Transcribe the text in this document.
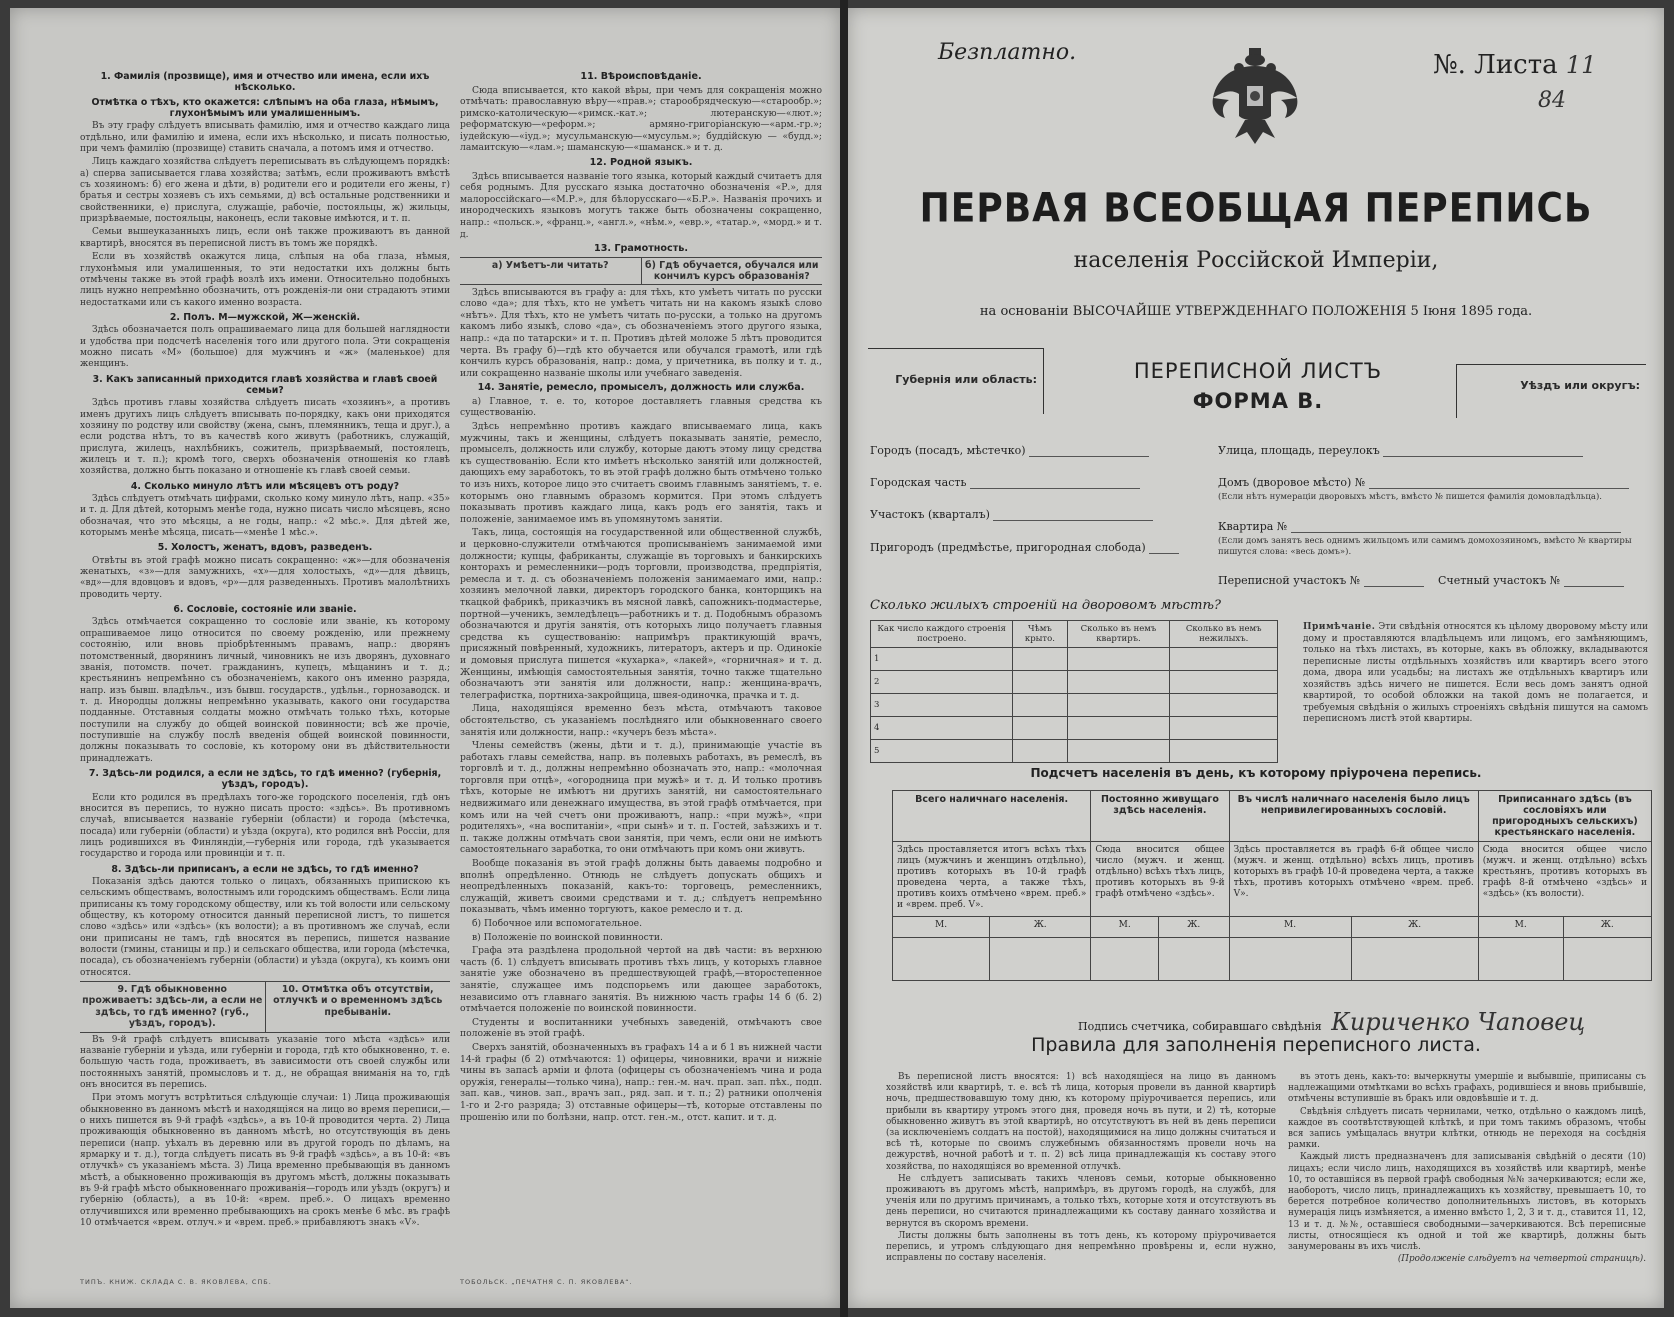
1. Фамилія (прозвище), имя и отчество или имена, если ихъ нѣсколько.
Отмѣтка о тѣхъ, кто окажется: слѣпымъ на оба глаза, нѣмымъ, глухонѣмымъ или умалишеннымъ.

Въ эту графу слѣдуетъ вписывать фамилію, имя и отчество каждаго лица отдѣльно, или фамилію и имена, если ихъ нѣсколько, и писать полностью, при чемъ фамилію (прозвище) ставить сначала, а потомъ имя и отчество.

Лицъ каждаго хозяйства слѣдуетъ переписывать въ слѣдующемъ порядкѣ: а) сперва записывается глава хозяйства; затѣмъ, если проживаютъ вмѣстѣ съ хозяиномъ: б) его жена и дѣти, в) родители его и родители его жены, г) братья и сестры хозяевъ съ ихъ семьями, д) всѣ остальные родственники и свойственники, е) прислуга, служащіе, рабочіе, постояльцы, ж) жильцы, призрѣваемые, постояльцы, наконецъ, если таковые имѣются, и т. п.

Семьи вышеуказанныхъ лицъ, если онѣ также проживаютъ въ данной квартирѣ, вносятся въ переписной листъ въ томъ же порядкѣ.

Если въ хозяйствѣ окажутся лица, слѣпыя на оба глаза, нѣмыя, глухонѣмыя или умалишенныя, то эти недостатки ихъ должны быть отмѣчены также въ этой графѣ возлѣ ихъ имени. Относительно подобныхъ лицъ нужно непремѣнно обозначить, отъ рожденія-ли они страдаютъ этими недостатками или съ какого именно возраста.

2. Полъ. М—мужской, Ж—женскій.

Здѣсь обозначается полъ опрашиваемаго лица для большей наглядности и удобства при подсчетѣ населенія того или другого пола. Эти сокращенія можно писать «М» (большое) для мужчинъ и «ж» (маленькое) для женщинъ.

3. Какъ записанный приходится главѣ хозяйства и главѣ своей семьи?

Здѣсь противъ главы хозяйства слѣдуетъ писать «хозяинъ», а противъ именъ другихъ лицъ слѣдуетъ вписывать по-порядку, какъ они приходятся хозяину по родству или свойству (жена, сынъ, племянникъ, теща и друг.), а если родства нѣтъ, то въ качествѣ кого живутъ (работникъ, служащій, прислуга, жилецъ, нахлѣбникъ, сожитель, призрѣваемый, постоялецъ, жилецъ и т. п.); кромѣ того, сверхъ обозначенія отношенія ко главѣ хозяйства, должно быть показано и отношеніе къ главѣ своей семьи.

4. Сколько минуло лѣтъ или мѣсяцевъ отъ роду?

Здѣсь слѣдуетъ отмѣчать цифрами, сколько кому минуло лѣтъ, напр. «35» и т. д. Для дѣтей, которымъ менѣе года, нужно писать число мѣсяцевъ, ясно обозначая, что это мѣсяцы, а не годы, напр.: «2 мѣс.». Для дѣтей же, которымъ менѣе мѣсяца, писать—«менѣе 1 мѣс.».

5. Холостъ, женатъ, вдовъ, разведенъ.

Отвѣты въ этой графѣ можно писать сокращенно: «ж»—для обозначенія женатыхъ, «з»—для замужнихъ, «х»—для холостыхъ, «д»—для дѣвицъ, «вд»—для вдовцовъ и вдовъ, «р»—для разведенныхъ. Противъ малолѣтнихъ проводить черту.

6. Сословіе, состояніе или званіе.

Здѣсь отмѣчается сокращенно то сословіе или званіе, къ которому опрашиваемое лицо относится по своему рожденію, или прежнему состоянію, или вновь пріобрѣтеннымъ правамъ, напр.: дворянъ потомственный, дворянинъ личный, чиновникъ не изъ дворянъ, духовнаго званія, потомств. почет. гражданинъ, купецъ, мѣщанинъ и т. д.; крестьянинъ непремѣнно съ обозначеніемъ, какого онъ именно разряда, напр. изъ бывш. владѣльч., изъ бывш. государств., удѣльн., горнозаводск. и т. д. Инородцы должны непремѣнно указывать, какого они государства подданные. Отставныя солдаты можно отмѣчать только тѣхъ, которые поступили на службу до общей воинской повинности; всѣ же прочіе, поступившіе на службу послѣ введенія общей воинской повинности, должны показывать то сословіе, къ которому они въ дѣйствительности принадлежатъ.

7. Здѣсь-ли родился, а если не здѣсь, то гдѣ именно? (губернія, уѣздъ, городъ).

Если кто родился въ предѣлахъ того-же городского поселенія, гдѣ онъ вносится въ перепись, то нужно писать просто: «здѣсь». Въ противномъ случаѣ, вписывается названіе губерніи (области) и города (мѣстечка, посада) или губерніи (области) и уѣзда (округа), кто родился внѣ Россіи, для лицъ родившихся въ Финляндіи,—губернія или города, гдѣ указывается государство и города или провинціи и т. п.

8. Здѣсь-ли приписанъ, а если не здѣсь, то гдѣ именно?

Показанія здѣсь даются только о лицахъ, обязанныхъ припискою къ сельскимъ обществамъ, волостнымъ или городскимъ обществамъ. Если лица приписаны къ тому городскому обществу, или къ той волости или сельскому обществу, къ которому относится данный переписной листъ, то пишется слово «здѣсь» или «здѣсь» (къ волости); а въ противномъ же случаѣ, если они приписаны не тамъ, гдѣ вносятся въ перепись, пишется название волости (гмины, станицы и пр.) и сельскаго общества, или города (мѣстечка, посада), съ обозначеніемъ губерніи (области) и уѣзда (округа), къ коимъ они относятся.

9. Гдѣ обыкновенно проживаетъ: здѣсь-ли, а если не здѣсь, то гдѣ именно? (губ., уѣздъ, городъ).
10. Отмѣтка объ отсутствіи, отлучкѣ и о временномъ здѣсь пребываніи.

Въ 9-й графѣ слѣдуетъ вписывать указаніе того мѣста «здѣсь» или названіе губерніи и уѣзда, или губерніи и города, гдѣ кто обыкновенно, т. е. большую часть года, проживаетъ, въ зависимости отъ своей службы или постоянныхъ занятій, промысловъ и т. д., не обращая вниманія на то, гдѣ онъ вносится въ перепись.

При этомъ могутъ встрѣтиться слѣдующіе случаи: 1) Лица проживающія обыкновенно въ данномъ мѣстѣ и находящіяся на лицо во время переписи,—о нихъ пишется въ 9-й графѣ «здѣсь», а въ 10-й проводится черта. 2) Лица проживающія обыкновенно въ данномъ мѣстѣ, но отсутствующія въ день переписи (напр. уѣхалъ въ деревню или въ другой городъ по дѣламъ, на ярмарку и т. д.), тогда слѣдуетъ писать въ 9-й графѣ «здѣсь», а въ 10-й: «въ отлучкѣ» съ указаніемъ мѣста. 3) Лица временно пребывающія въ данномъ мѣстѣ, а обыкновенно проживающія въ другомъ мѣстѣ, должны показывать въ 9-й графѣ мѣсто обыкновеннаго проживанія—городъ или уѣздъ (округъ) и губернію (область), а въ 10-й: «врем. преб.». О лицахъ временно отлучившихся или временно пребывающихъ на срокъ менѣе 6 мѣс. въ графѣ 10 отмѣчается «врем. отлуч.» и «врем. преб.» прибавляютъ знакъ «V».

11. Вѣроисповѣданіе.

Сюда вписывается, кто какой вѣры, при чемъ для сокращенія можно отмѣчать: православную вѣру—«прав.»; старообрядческую—«старообр.»; римско-католическую—«римск.-кат.»; лютеранскую—«лют.»; реформатскую—«реформ.»; армяно-григоріанскую—«арм.-гр.»; іудейскую—«іуд.»; мусульманскую—«мусульм.»; буддійскую — «будд.»; ламаитскую—«лам.»; шаманскую—«шаманск.» и т. д.

12. Родной языкъ.

Здѣсь вписывается названіе того языка, который каждый считаетъ для себя роднымъ. Для русскаго языка достаточно обозначенія «Р.», для малороссійскаго—«М.Р.», для бѣлорусскаго—«Б.Р.». Названія прочихъ и инородческихъ языковъ могутъ также быть обозначены сокращенно, напр.: «польск.», «франц.», «англ.», «нѣм.», «евр.», «татар.», «морд.» и т. д.

13. Грамотность.
а) Умѣетъ-ли читать?	б) Гдѣ обучается, обучался или кончилъ курсъ образованія?

Здѣсь вписываются въ графу а: для тѣхъ, кто умѣетъ читать по русски слово «да»; для тѣхъ, кто не умѣетъ читать ни на какомъ языкѣ слово «нѣтъ». Для тѣхъ, кто не умѣетъ читать по-русски, а только на другомъ какомъ либо языкѣ, слово «да», съ обозначеніемъ этого другого языка, напр.: «да по татарски» и т. п. Противъ дѣтей моложе 5 лѣтъ проводится черта. Въ графу б)—гдѣ кто обучается или обучался грамотѣ, или гдѣ кончилъ курсъ образованія, напр.: дома, у причетника, въ полку и т. д., или сокращенно названіе школы или учебнаго заведенія.

14. Занятіе, ремесло, промыселъ, должность или служба.

а) Главное, т. е. то, которое доставляетъ главныя средства къ существованію.

Здѣсь непремѣнно противъ каждаго вписываемаго лица, какъ мужчины, такъ и женщины, слѣдуетъ показывать занятіе, ремесло, промыселъ, должность или службу, которые даютъ этому лицу средства къ существованію. Если кто имѣетъ нѣсколько занятій или должностей, дающихъ ему заработокъ, то въ этой графѣ должно быть отмѣчено только то изъ нихъ, которое лицо это считаетъ своимъ главнымъ занятіемъ, т. е. которымъ оно главнымъ образомъ кормится. При этомъ слѣдуетъ показывать противъ каждаго лица, какъ родъ его занятія, такъ и положеніе, занимаемое имъ въ упомянутомъ занятіи.

Такъ, лица, состоящія на государственной или общественной службѣ, и церковно-служители отмѣчаются прописываніемъ занимаемой ими должности; купцы, фабриканты, служащіе въ торговыхъ и банкирскихъ конторахъ и ремесленники—родъ торговли, производства, предпріятія, ремесла и т. д. съ обозначеніемъ положенія занимаемаго ими, напр.: хозяинъ мелочной лавки, директоръ городского банка, конторщикъ на ткацкой фабрикѣ, приказчикъ въ мясной лавкѣ, сапожникъ-подмастерье, портной—ученикъ, земледѣлецъ—работникъ и т. д. Подобнымъ образомъ обозначаются и другія занятія, отъ которыхъ лицо получаетъ главныя средства къ существованію: напримѣръ практикующій врачъ, присяжный повѣренный, художникъ, литераторъ, актеръ и пр. Одинокіе и домовыя прислуга пишется «кухарка», «лакей», «горничная» и т. д. Женщины, имѣющія самостоятельныя занятія, точно также тщательно обозначаютъ эти занятія или должности, напр.: женщина-врачъ, телеграфистка, портниха-закройщица, швея-одиночка, прачка и т. д.

Лица, находящіяся временно безъ мѣста, отмѣчаютъ таковое обстоятельство, съ указаніемъ послѣдняго или обыкновеннаго своего занятія или должности, напр.: «кучеръ безъ мѣста».

Члены семействъ (жены, дѣти и т. д.), принимающіе участіе въ работахъ главы семейства, напр. въ полевыхъ работахъ, въ ремеслѣ, въ торговлѣ и т. д., должны непремѣнно обозначать это, напр.: «молочная торговля при отцѣ», «огородница при мужѣ» и т. д. И только противъ тѣхъ, которые не имѣютъ ни другихъ занятій, ни самостоятельнаго недвижимаго или денежнаго имущества, въ этой графѣ отмѣчается, при комъ или на чей счетъ они проживаютъ, напр.: «при мужѣ», «при родителяхъ», «на воспитаніи», «при сынѣ» и т. п. Гостей, заѣзжихъ и т. п. также должны отмѣчать свои занятія, при чемъ, если они не имѣютъ самостоятельнаго заработка, то они отмѣчаютъ при комъ они живутъ.

Вообще показанія въ этой графѣ должны быть даваемы подробно и вполнѣ опредѣленно. Отнюдь не слѣдуетъ допускать общихъ и неопредѣленныхъ показаній, какъ-то: торговецъ, ремесленникъ, служащій, живетъ своими средствами и т. д.; слѣдуетъ непремѣнно показывать, чѣмъ именно торгуютъ, какое ремесло и т. д.

б) Побочное или вспомогательное.

в) Положеніе по воинской повинности.

Графа эта раздѣлена продольной чертой на двѣ части: въ верхнюю часть (б. 1) слѣдуетъ вписывать противъ тѣхъ лицъ, у которыхъ главное занятіе уже обозначено въ предшествующей графѣ,—второстепенное занятіе, служащее имъ подспорьемъ или дающее заработокъ, независимо отъ главнаго занятія. Въ нижнюю часть графы 14 б (б. 2) отмѣчается положеніе по воинской повинности.

Студенты и воспитанники учебныхъ заведеній, отмѣчаютъ свое положеніе въ этой графѣ.

Сверхъ занятій, обозначенныхъ въ графахъ 14 а и б 1 въ нижней части 14-й графы (б 2) отмѣчаются: 1) офицеры, чиновники, врачи и нижніе чины въ запасѣ арміи и флота (офицеры съ обозначеніемъ чина и рода оружія, генералы—только чина), напр.: ген.-м. нач. прап. зап. пѣх., подп. зап. кав., чинов. зап., врачъ зап., ряд. зап. и т. п.; 2) ратники ополченія 1-го и 2-го разряда; 3) отставные офицеры—тѣ, которые отставлены по прошенію или по болѣзни, напр. отст. ген.-м., отст. капит. и т. д.

ТИПЪ. КНИЖ. СКЛАДА С. В. ЯКОВЛЕВА, СПБ.	ТОБОЛЬСК. „ПЕЧАТНЯ С. П. ЯКОВЛЕВА“.
Безплатно.	№. Листа 11
84
ПЕРВАЯ ВСЕОБЩАЯ ПЕРЕПИСЬ
населенія Россійской Имперіи,
на основаніи ВЫСОЧАЙШЕ УТВЕРЖДЕННАГО ПОЛОЖЕНІЯ 5 Іюня 1895 года.
Губернія или область:	ПЕРЕПИСНОЙ ЛИСТЪ
ФОРМА В.
Уѣздъ или округъ:
Городъ (посадъ, мѣстечко)
Городская часть
Участокъ (кварталъ)
Пригородъ (предмѣстье, пригородная слобода)
Улица, площадь, переулокъ
Домъ (дворовое мѣсто) №
(Если нѣтъ нумераціи дворовыхъ мѣстъ, вмѣсто № пишется фамилія домовладѣльца).
Квартира №
(Если домъ занятъ весь однимъ жильцомъ или самимъ домохозяиномъ, вмѣсто № квартиры пишутся слова: «весь домъ»).
Переписной участокъ №	Счетный участокъ №
Сколько жилыхъ строеній на дворовомъ мѣстѣ?
Как число каждого строенія построено.	Чѣмъ крыто.	Сколько въ немъ квартиръ.	Сколько въ немъ нежилыхъ.
1			
2			
3			
4			
5			
Примѣчаніе. Эти свѣдѣнія относятся къ цѣлому дворовому мѣсту или дому и проставляются владѣльцемъ или лицомъ, его замѣняющимъ, только на тѣхъ листахъ, въ которые, какъ въ обложку, вкладываются переписные листы отдѣльныхъ хозяйствъ или квартиръ всего этого дома, двора или усадьбы; на листахъ же отдѣльныхъ квартиръ или хозяйствъ здѣсь ничего не пишется. Если весь домъ занятъ одной квартирой, то особой обложки на такой домъ не полагается, и требуемыя свѣдѣнія о жилыхъ строеніяхъ свѣдѣнія пишутся на самомъ переписномъ листѣ этой квартиры.
Подсчетъ населенія въ день, къ которому пріурочена перепись.
Всего наличнаго населенія.		Постоянно живущаго здѣсь населенія.		Въ числѣ наличнаго населенія было лицъ непривилегированныхъ сословій.		Приписаннаго здѣсь (въ сословіяхъ или пригородныхъ сельскихъ) крестьянскаго населенія.	
Здѣсь проставляется итогъ всѣхъ тѣхъ лицъ (мужчинъ и женщинъ отдѣльно), противъ которыхъ въ 10-й графѣ проведена черта, а также тѣхъ, противъ коихъ отмѣчено «врем. преб.» и «врем. преб. V».		Сюда вносится общее число (мужч. и женщ. отдѣльно) всѣхъ тѣхъ лицъ, противъ которыхъ въ 9-й графѣ отмѣчено «здѣсь».		Здѣсь проставляется въ графѣ 6-й общее число (мужч. и женщ. отдѣльно) всѣхъ лицъ, противъ которыхъ въ графѣ 10-й проведена черта, а также тѣхъ, противъ которыхъ отмѣчено «врем. преб. V».		Сюда вносится общее число (мужч. и женщ. отдѣльно) всѣхъ крестьянъ, противъ которыхъ въ графѣ 8-й отмѣчено «здѣсь» и «здѣсь» (къ волости).	
М.	Ж.	М.	Ж.	М.	Ж.	М.	Ж.

Подпись счетчика, собиравшаго свѣдѣнія Кириченко Чаповец
Правила для заполненія переписного листа.

Въ переписной листъ вносятся: 1) всѣ находящіеся на лицо въ данномъ хозяйствѣ или квартирѣ, т. е. всѣ тѣ лица, которыя провели въ данной квартирѣ ночь, предшествовавшую тому дню, къ которому пріурочивается перепись, или прибыли въ квартиру утромъ этого дня, проведя ночь въ пути, и 2) тѣ, которые обыкновенно живутъ въ этой квартирѣ, но отсутствуютъ въ ней въ день переписи (за исключеніемъ солдатъ на постой), находящимися на лицо должны считаться и всѣ тѣ, которые по своимъ служебнымъ обязанностямъ провели ночь на дежурствѣ, ночной работѣ и т. п. 2) всѣ лица принадлежащія къ составу этого хозяйства, по находящіяся во временной отлучкѣ.

Не слѣдуетъ записывать такихъ членовъ семьи, которые обыкновенно проживаютъ въ другомъ мѣстѣ, напримѣръ, въ другомъ городѣ, на службѣ, для ученія или по другимъ причинамъ, а только тѣхъ, которые хотя и отсутствуютъ въ день переписи, но считаются принадлежащими къ составу даннаго хозяйства и вернутся въ скоромъ времени.

Листы должны быть заполнены въ тотъ день, къ которому пріурочивается перепись, и утромъ слѣдующаго дня непремѣнно провѣрены и, если нужно, исправлены по составу населенія.

въ этотъ день, какъ-то: вычеркнуты умершіе и выбывшіе, приписаны съ надлежащими отмѣтками во всѣхъ графахъ, родившіеся и вновь прибывшіе, отмѣчены вступившіе въ бракъ или овдовѣвшіе и т. д.

Свѣдѣнія слѣдуетъ писать чернилами, четко, отдѣльно о каждомъ лицѣ, каждое въ соотвѣтствующей клѣткѣ, и при томъ такимъ образомъ, чтобы вся запись умѣщалась внутри клѣтки, отнюдь не переходя на сосѣднія рамки.

Каждый листъ предназначенъ для записыванія свѣдѣній о десяти (10) лицахъ; если число лицъ, находящихся въ хозяйствѣ или квартирѣ, менѣе 10, то оставшіяся въ первой графѣ свободныя №№ зачеркиваются; если же, наоборотъ, число лицъ, принадлежащихъ къ хозяйству, превышаетъ 10, то берется потребное количество дополнительныхъ листовъ, въ которыхъ нумерація лицъ измѣняется, а именно вмѣсто 1, 2, 3 и т. д., ставится 11, 12, 13 и т. д. №№, оставшіеся свободными—зачеркиваются. Всѣ переписные листы, относящіеся къ одной и той же квартирѣ, должны быть занумерованы въ ихъ числѣ.

(Продолженіе слѣдуетъ на четвертой страницѣ).
